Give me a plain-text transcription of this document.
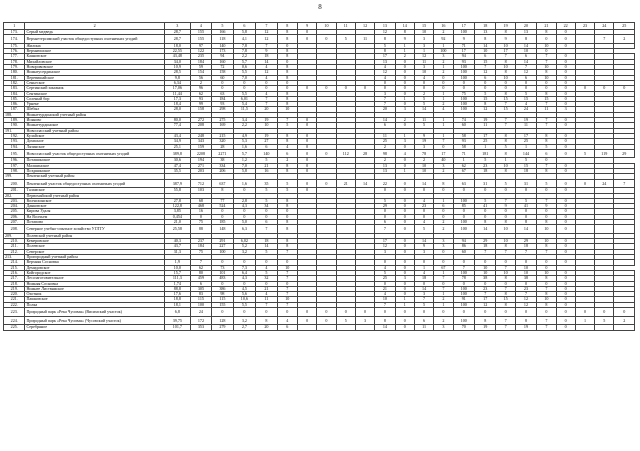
8
1	2	3	4	5	6	7	8	9	10	11	12	13	14	15	16	17	18	19	20	21	22	23	24	25
173.	Серый медведь	28,7	155	166	5,8	12	8	0				12	8	10	2	100	13	8	13	8	0			
174.	Верхнетерсимский участок общедоступных охотничьих угодий	28,7	155	118	4,1	12	8	0	0	5	11	8	9	3	92	9	8	9	8	0	0		7	2
175.	Жилина	18,0	97	140	7,8	7	0					5	1	3	1	71	14	10	14	10	0			
176.	Верхнюшское	22,55	122	173	7,8	9	8					8	1	1	100	17	10	17	10	0				
177.	Каяновское	43,48	235	94	2,2	18	8					17	2	12	3	94	6	7	6	7	0			
178.	Михайловское	34,0	184	160	5,7	14	0					13	0	11	2	93	15	8	14	7	0			
179.	Новоривовское	10,9	59	72	0,6	4	8					4	0	3	1	100	7	10	7	10	0			
180.	Нижнеусердинское	28,5	154	158	5,5	12	8					12	0	10	2	100	12	8	12	8	0			
181.	Перевишайское	9,8	56	60	7,0	4	8					4	0	4	0	100	6	10	6	10	0			
182.	Сеньеское	6,34	2	0	0	0	0					0	0	0	0	0	0	0	0	0	0			
183.	Сертинский заказник	17,06	96	0	0	0	0	0	0	0	0	0	0	0	0	0	0	0	0	0	0	0	0	0
184.	Сентинское	11,44	62	63	5,5	4	8					3	0	2	1	75	5	8	5	8	0			
185.	Соленый бор	17,3	93	184	6,01	7	8					7	1	5	1	100	15	15	15	15	0			
186.	Урнеке	18,4	99	93	5,4	7	8					7	0	5	2	100	8	7	4	7	0			
187.	Шебыл	28,0	158	298	11,5	20	10					20	3	14	4	100	12	15	24	11	3			
188.	Нижнетурдинский учетный район																							
189.	Исяново	80,0	272	275	3,4	19	7	0				14	2	11	1	74	19	7	19	7	0			
190.	Нижнетурдинское	77,4	208	169	2,2	10	5	0				6	0	5	1	60	11	7	11	7	0			
191.	Новоспасский учетный район																							
192.	Кулайское	43,4	248	215	4,9	19	8	0				11	1	9	1	58	17	8	17	8	0			
193.	Домасное	34,9	343	320	5,3	27	8	0				25	3	19	7	93	25	8	25	8	0			
194.	Лязинское	25,1	159	28	1,6	6	4	0				2	0	3	0	58	1	5	1	5	0			
195.	Новоспасский участок общедоступных охотничьих угодий	389,8	2208	2271	5,7	140	6	0	0	112	28	98	4	78	17	71	181	8	144	6	0	5	119	29
196.	Поташинское	30,6	194	38	1,2	5	2	0				2	0	2	40	1	5	1	5	0				
197.	Малшинское	47,4	271	334	7,0	21	8	0				13	0	10	3	62	23	10	15	7	0			
198.	Поздшинское	35,5	203	206	5,8	16	8	0				13	1	10	2	67	18	8	18	8	0			
199.	Пензенский учетный район																							
200.	Пензенский участок общедоступных охотничьих угодий	387,9	712	637	1,6	35	5	0	0	21	14	22	0	14	8	63	31	5	31	5	0	0	24	7
201.	Таламское	55,8	103	8	0	5	5	0				0	0	0	0	0	0	0	0	0	0			
202.	Первомайский учетный район																							
203.	Волчихинское	27,8	68	77	2,8	5	8					5	0	4	1	100	5	7	5	7	0			
204.	Данковское	122,8	468	524	4,3	34	8					29	0	23	6	85	41	9	41	9	0			
205.	Кирова Удаля	3,85	16	0	0	0	0					0	0	0	0	0	0	0	0	0	0			
206.	На Волчьем	0,454	0	0	0	0	0					0	0	0	0	0	0	0	0	0	0			
207.	Потапово	21,0	75	185	5,0	6	8					6	0	4	2	100	8	8	8	8	0			
208.	Северное учебно-опытное хозяйство УГЛТУ	25,58	88	148	6,3	7	8					7	0	5	2	100	14	10	14	10	0			
209.	Полевской учетный район																							
210.	Кемеровское	40,3	237	291	6,02	18	8					17	0	14	3	94	29	10	29	10	0			
211.	Полевское	43,7	184	227	5,2	14	8					12	0	9	3	86	18	8	18	8	0			
212.	Северское	31,3	75	100	3,2	5	7					3	0	3	0	60	7	7	7	7	0			
213.	Пригородный учетный район																							
214.	Верхняя Сосновка	1,9	7	0	0	0	0					0	0	0	0	0	0	0	0	0	0			
215.	Демидовское	10,0	62	73	7,3	4	10					4	0	1	67	7	10	7	10	0				
216.	Койгородское	15,7	80	101	6,4	5	7					5	0	4	1	100	10	10	10	10	0			
217.	Лесозаготовительное	111,3	459	483	4,3	32	7					25	3	18	7	78	38	8	38	8	0			
218.	Нижняя Сосновка	1,74	6	0	0	0	0					0	0	0	0	0	0	0	0	0	0			
219.	Нижнее Листвяжское	88,8	305	386	4,5	21	7					21	0	14	7	100	23	7	23	7	0			
220.	Охотник	17,6	83	98	5,6	4	7					4	0	3	1	100	7	8	7	8	0			
221.	Пашковское	18,8	115	115	10,6	11	10					10	1	7	2	91	17	15	12	10	0			
222.	Полка	18,1	100	155	5,5	7	7					7	1	5	1	100	12	8	12	8	0			
223.	Природный парк «Река Чусовая» (Висимский участок)	6,8	24	0	0	0	0	0	0	0	0	0	0	0	0	0	0	0	0	0	0	0	0	0
224.	Природный парк «Река Чусовая» (Чусовский участок)	39,75	172	128	3,2	8	4	0	0	5	3	8	0	6	2	100	8	7	8	7	0	1	5	2
225.	Серебряное	101,7	353	279	2,7	20	6					14	0	11	3	70	19	7	19	7	0			
